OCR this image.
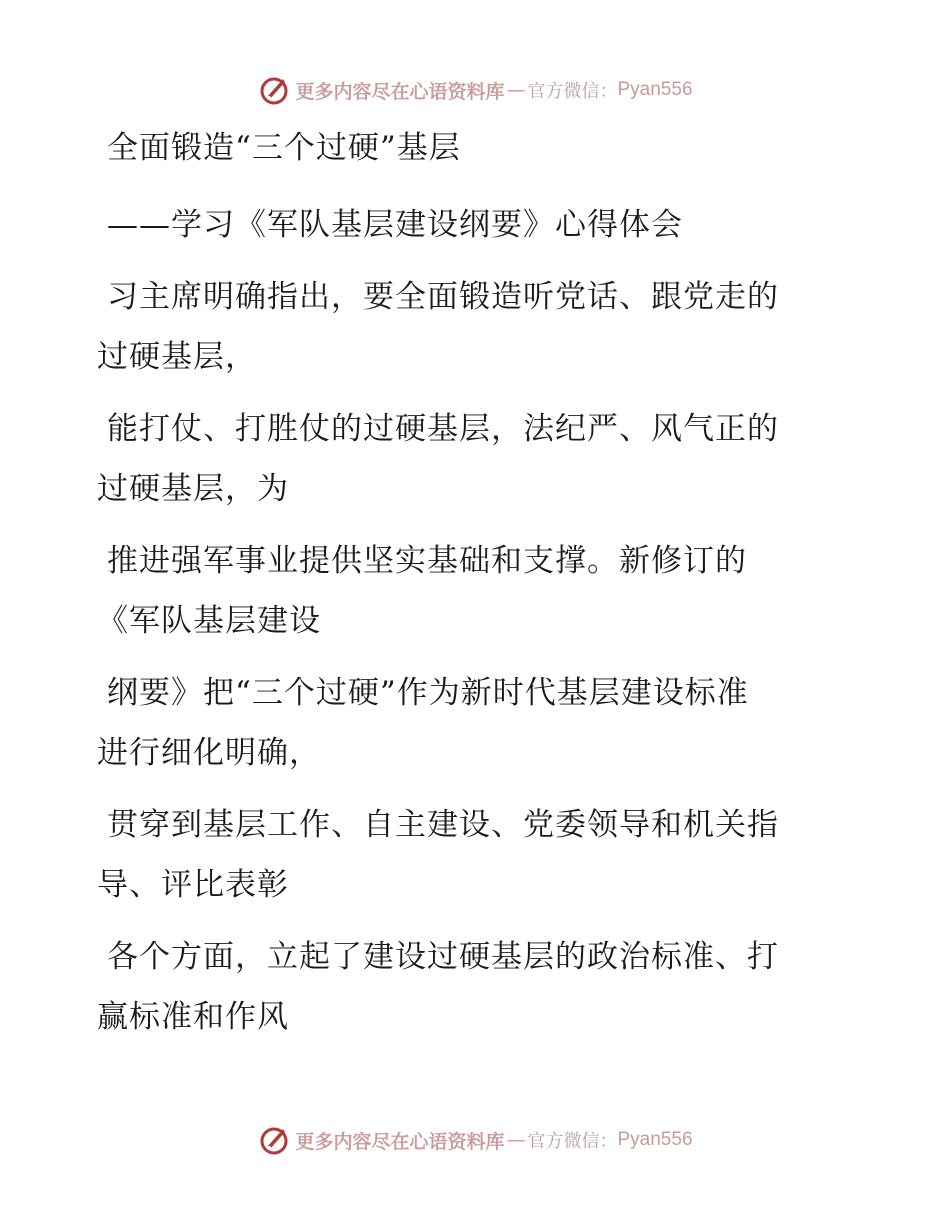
更多内容尽在心语资料库 — 官方微信： Pyan556
全面锻造“三个过硬”基层
——学习《军队基层建设纲要》心得体会
习主席明确指出，要全面锻造听党话、跟党走的
过硬基层，
能打仗、打胜仗的过硬基层，法纪严、风气正的
过硬基层，为
推进强军事业提供坚实基础和支撑。新修订的
《军队基层建设
纲要》把“三个过硬”作为新时代基层建设标准
进行细化明确，
贯穿到基层工作、自主建设、党委领导和机关指
导、评比表彰
各个方面，立起了建设过硬基层的政治标准、打
赢标准和作风
更多内容尽在心语资料库 — 官方微信： Pyan556
